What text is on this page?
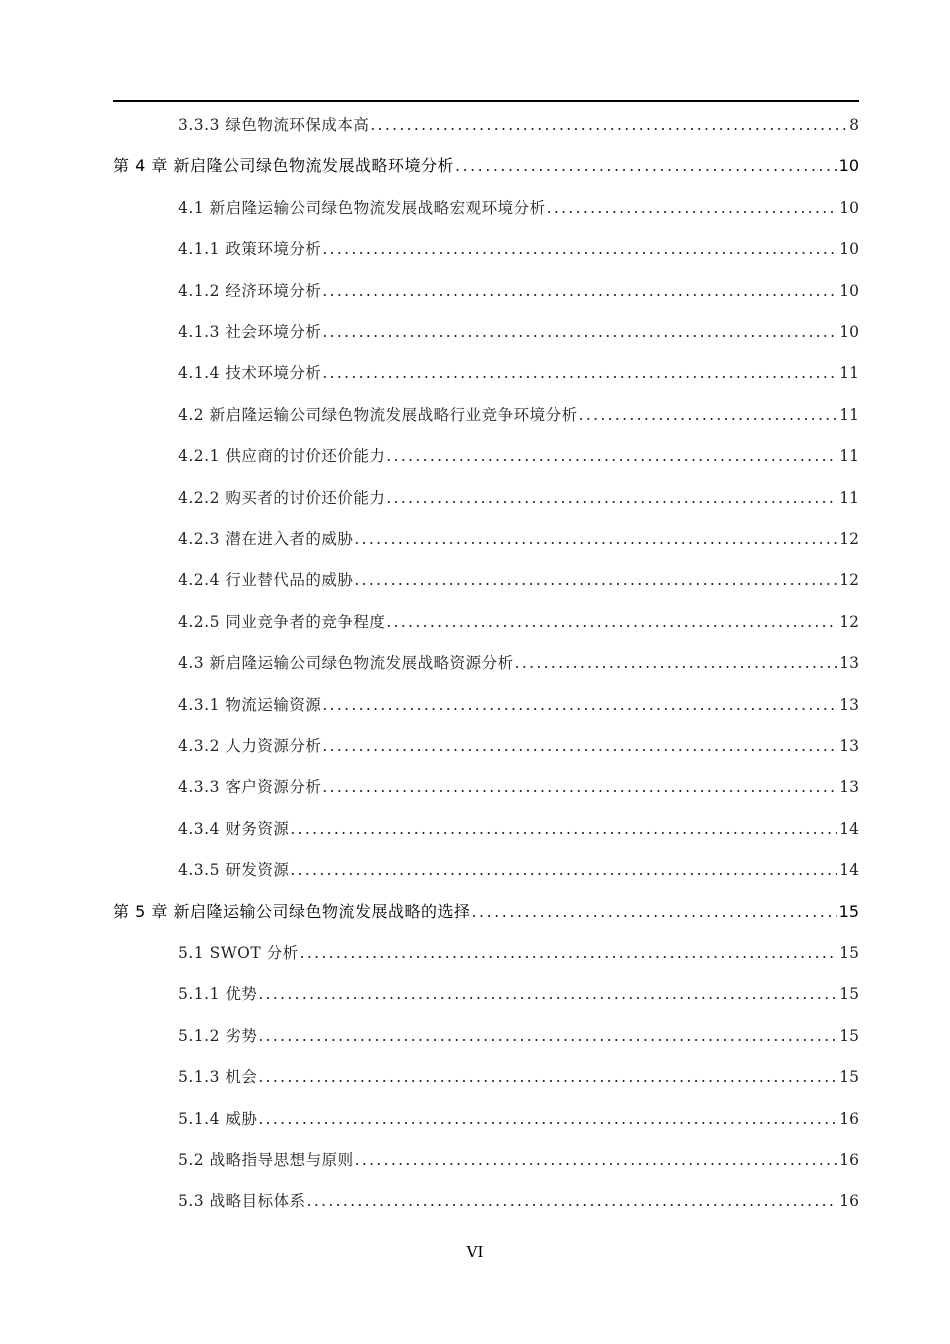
3.3.3 绿色物流环保成本高 . . .	8
第 4 章 新启隆公司绿色物流发展战略环境分析 . . .	10
4.1 新启隆运输公司绿色物流发展战略宏观环境分析 . . .	10
4.1.1 政策环境分析 . . .	10
4.1.2 经济环境分析 . . .	10
4.1.3 社会环境分析 . . .	10
4.1.4 技术环境分析 . . .	11
4.2 新启隆运输公司绿色物流发展战略行业竞争环境分析 . . .	11
4.2.1 供应商的讨价还价能力 . . .	11
4.2.2 购买者的讨价还价能力 . . .	11
4.2.3 潜在进入者的威胁 . . .	12
4.2.4 行业替代品的威胁 . . .	12
4.2.5 同业竞争者的竞争程度 . . .	12
4.3 新启隆运输公司绿色物流发展战略资源分析 . . .	13
4.3.1 物流运输资源 . . .	13
4.3.2 人力资源分析 . . .	13
4.3.3 客户资源分析 . . .	13
4.3.4 财务资源 . . .	14
4.3.5 研发资源 . . .	14
第 5 章 新启隆运输公司绿色物流发展战略的选择 . . .	15
5.1 SWOT 分析 . . .	15
5.1.1 优势 . . .	15
5.1.2 劣势 . . .	15
5.1.3 机会 . . .	15
5.1.4 威胁 . . .	16
5.2 战略指导思想与原则 . . .	16
5.3 战略目标体系 . . .	16
VI
